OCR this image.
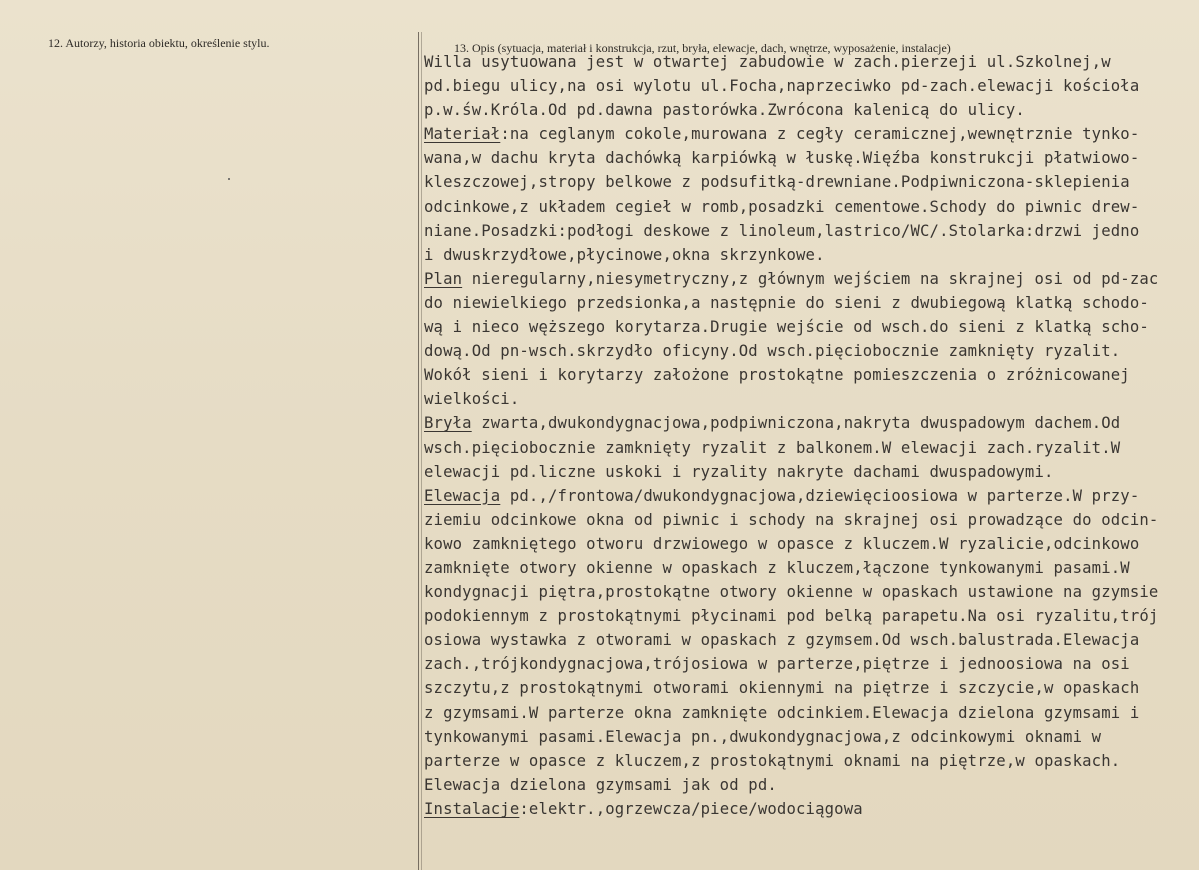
12. Autorzy, historia obiektu, określenie stylu.	13. Opis (sytuacja, materiał i konstrukcja, rzut, bryła, elewacje, dach, wnętrze, wyposażenie, instalacje)
Willa usytuowana jest w otwartej zabudowie w zach.pierzeji ul.Szkolnej,w
pd.biegu ulicy,na osi wylotu ul.Focha,naprzeciwko pd-zach.elewacji kościoła
p.w.św.Króla.Od pd.dawna pastorówka.Zwrócona kalenicą do ulicy.
Materiał:na ceglanym cokole,murowana z cegły ceramicznej,wewnętrznie tynko-
wana,w dachu kryta dachówką karpiówką w łuskę.Więźba konstrukcji płatwiowo-
kleszczowej,stropy belkowe z podsufitką-drewniane.Podpiwniczona-sklepienia
odcinkowe,z układem cegieł w romb,posadzki cementowe.Schody do piwnic drew-
niane.Posadzki:podłogi deskowe z linoleum,lastrico/WC/.Stolarka:drzwi jedno
i dwuskrzydłowe,płycinowe,okna skrzynkowe.
Plan nieregularny,niesymetryczny,z głównym wejściem na skrajnej osi od pd-zac
do niewielkiego przedsionka,a następnie do sieni z dwubiegową klatką schodo-
wą i nieco węższego korytarza.Drugie wejście od wsch.do sieni z klatką scho-
dową.Od pn-wsch.skrzydło oficyny.Od wsch.pięciobocznie zamknięty ryzalit.
Wokół sieni i korytarzy założone prostokątne pomieszczenia o zróżnicowanej
wielkości.
Bryła zwarta,dwukondygnacjowa,podpiwniczona,nakryta dwuspadowym dachem.Od
wsch.pięciobocznie zamknięty ryzalit z balkonem.W elewacji zach.ryzalit.W
elewacji pd.liczne uskoki i ryzality nakryte dachami dwuspadowymi.
Elewacja pd.,/frontowa/dwukondygnacjowa,dziewięcioosiowa w parterze.W przy-
ziemiu odcinkowe okna od piwnic i schody na skrajnej osi prowadzące do odcin-
kowo zamkniętego otworu drzwiowego w opasce z kluczem.W ryzalicie,odcinkowo
zamknięte otwory okienne w opaskach z kluczem,łączone tynkowanymi pasami.W
kondygnacji piętra,prostokątne otwory okienne w opaskach ustawione na gzymsie
podokiennym z prostokątnymi płycinami pod belką parapetu.Na osi ryzalitu,trój
osiowa wystawka z otworami w opaskach z gzymsem.Od wsch.balustrada.Elewacja
zach.,trójkondygnacjowa,trójosiowa w parterze,piętrze i jednoosiowa na osi
szczytu,z prostokątnymi otworami okiennymi na piętrze i szczycie,w opaskach
z gzymsami.W parterze okna zamknięte odcinkiem.Elewacja dzielona gzymsami i
tynkowanymi pasami.Elewacja pn.,dwukondygnacjowa,z odcinkowymi oknami w
parterze w opasce z kluczem,z prostokątnymi oknami na piętrze,w opaskach.
Elewacja dzielona gzymsami jak od pd.
Instalacje:elektr.,ogrzewcza/piece/wodociągowa
